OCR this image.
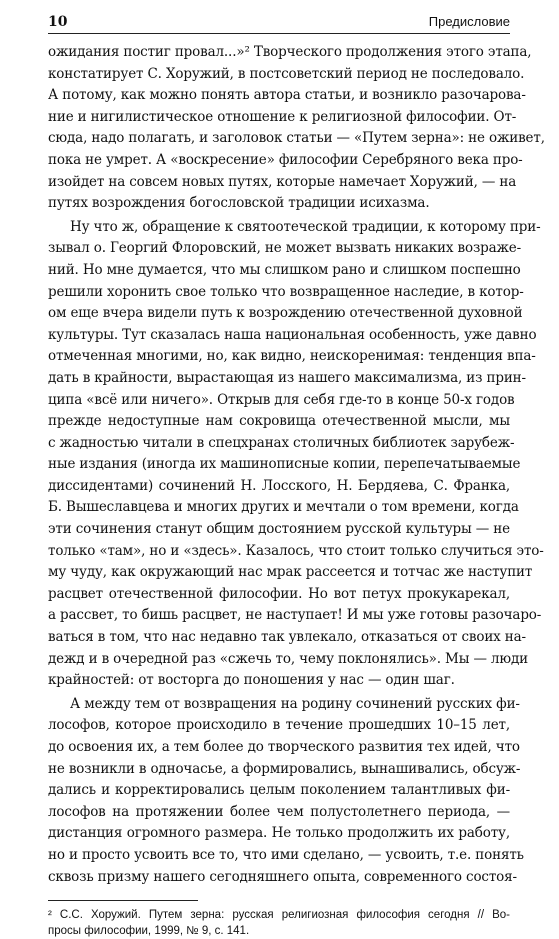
10	Предисловие
ожидания постиг провал...»² Творческого продолжения этого этапа,
констатирует С. Хоружий, в постсоветский период не последовало.
А потому, как можно понять автора статьи, и возникло разочарова-
ние и нигилистическое отношение к религиозной философии. От-
сюда, надо полагать, и заголовок статьи — «Путем зерна»: не оживет,
пока не умрет. А «воскресение» философии Серебряного века про-
изойдет на совсем новых путях, которые намечает Хоружий, — на
путях возрождения богословской традиции исихазма.
Ну что ж, обращение к святоотеческой традиции, к которому при-
зывал о. Георгий Флоровский, не может вызвать никаких возраже-
ний. Но мне думается, что мы слишком рано и слишком поспешно
решили хоронить свое только что возвращенное наследие, в котор-
ом еще вчера видели путь к возрождению отечественной духовной
культуры. Тут сказалась наша национальная особенность, уже давно
отмеченная многими, но, как видно, неискоренимая: тенденция впа-
дать в крайности, вырастающая из нашего максимализма, из прин-
ципа «всё или ничего». Открыв для себя где-то в конце 50-х годов
прежде недоступные нам сокровища отечественной мысли, мы
с жадностью читали в спецхранах столичных библиотек зарубеж-
ные издания (иногда их машинописные копии, перепечатываемые
диссидентами) сочинений Н. Лосского, Н. Бердяева, С. Франка,
Б. Вышеславцева и многих других и мечтали о том времени, когда
эти сочинения станут общим достоянием русской культуры — не
только «там», но и «здесь». Казалось, что стоит только случиться это-
му чуду, как окружающий нас мрак рассеется и тотчас же наступит
расцвет отечественной философии. Но вот петух прокукарекал,
а рассвет, то бишь расцвет, не наступает! И мы уже готовы разочаро-
ваться в том, что нас недавно так увлекало, отказаться от своих на-
дежд и в очередной раз «сжечь то, чему поклонялись». Мы — люди
крайностей: от восторга до поношения у нас — один шаг.
А между тем от возвращения на родину сочинений русских фи-
лософов, которое происходило в течение прошедших 10–15 лет,
до освоения их, а тем более до творческого развития тех идей, что
не возникли в одночасье, а формировались, вынашивались, обсуж-
дались и корректировались целым поколением талантливых фи-
лософов на протяжении более чем полустолетнего периода, —
дистанция огромного размера. Не только продолжить их работу,
но и просто усвоить все то, что ими сделано, — усвоить, т.е. понять
сквозь призму нашего сегодняшнего опыта, современного состоя-
² С.С. Хоружий. Путем зерна: русская религиозная философия сегодня // Во-
просы философии, 1999, № 9, с. 141.
